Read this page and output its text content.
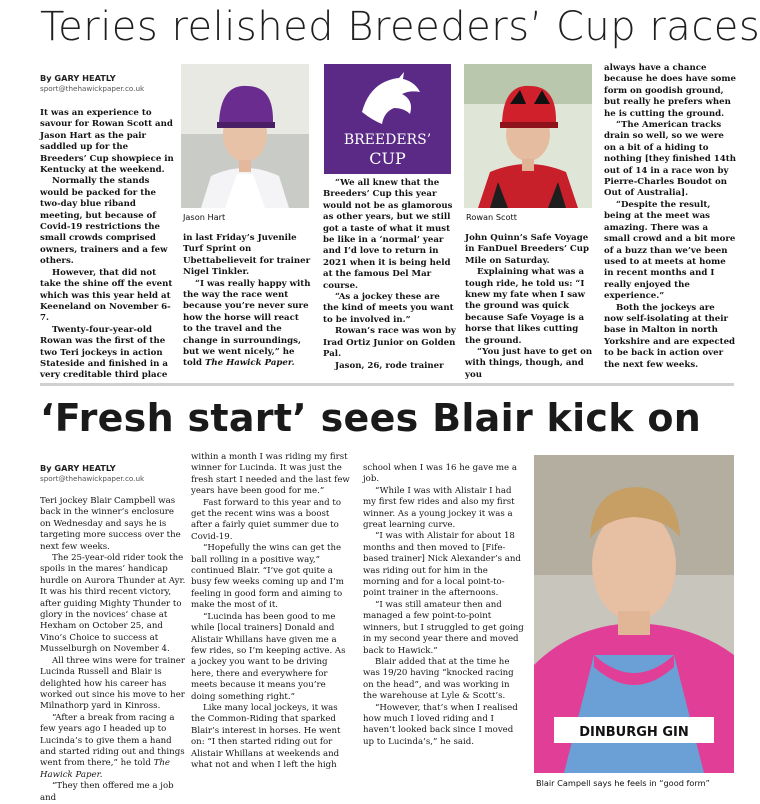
Teries relished Breeders’ Cup races
By GARY HEATLY
sport@thehawickpaper.co.uk

It was an experience to savour for Rowan Scott and Jason Hart as the pair saddled up for the Breeders’ Cup showpiece in Kentucky at the weekend.

Normally the stands would be packed for the two-day blue riband meeting, but because of Covid-19 restrictions the small crowds comprised owners, trainers and a few others.

However, that did not take the shine off the event which was this year held at Keeneland on November 6-7.

Twenty-four-year-old Rowan was the first of the two Teri jockeys in action Stateside and finished in a very creditable third place

Jason Hart

in last Friday’s Juvenile Turf Sprint on Ubettabelieveit for trainer Nigel Tinkler.

“I was really happy with the way the race went because you’re never sure how the horse will react to the travel and the change in surroundings, but we went nicely,” he told The Hawick Paper.

BREEDERS’
CUP

“We all knew that the Breeders’ Cup this year would not be as glamorous as other years, but we still got a taste of what it must be like in a ‘normal’ year and I’d love to return in 2021 when it is being held at the famous Del Mar course.

“As a jockey these are the kind of meets you want to be involved in.”

Rowan’s race was won by Irad Ortiz Junior on Golden Pal.

Jason, 26, rode trainer

Rowan Scott

John Quinn’s Safe Voyage in FanDuel Breeders’ Cup Mile on Saturday.

Explaining what was a tough ride, he told us: “I knew my fate when I saw the ground was quick because Safe Voyage is a horse that likes cutting the ground.

“You just have to get on with things, though, and you

always have a chance because he does have some form on goodish ground, but really he prefers when he is cutting the ground.

“The American tracks drain so well, so we were on a bit of a hiding to nothing [they finished 14th out of 14 in a race won by Pierre-Charles Boudot on Out of Australia].

“Despite the result, being at the meet was amazing. There was a small crowd and a bit more of a buzz than we’ve been used to at meets at home in recent months and I really enjoyed the experience.”

Both the jockeys are now self-isolating at their base in Malton in north Yorkshire and are expected to be back in action over the next few weeks.

‘Fresh start’ sees Blair kick on
By GARY HEATLY
sport@thehawickpaper.co.uk

Teri jockey Blair Campbell was back in the winner’s enclosure on Wednesday and says he is targeting more success over the next few weeks.

The 25-year-old rider took the spoils in the mares’ handicap hurdle on Aurora Thunder at Ayr. It was his third recent victory, after guiding Mighty Thunder to glory in the novices’ chase at Hexham on October 25, and Vino’s Choice to success at Musselburgh on November 4.

All three wins were for trainer Lucinda Russell and Blair is delighted how his career has worked out since his move to her Milnathorp yard in Kinross.

“After a break from racing a few years ago I headed up to Lucinda’s to give them a hand and started riding out and things went from there,” he told The Hawick Paper.

“They then offered me a job and

within a month I was riding my first winner for Lucinda. It was just the fresh start I needed and the last few years have been good for me.”

Fast forward to this year and to get the recent wins was a boost after a fairly quiet summer due to Covid-19.

“Hopefully the wins can get the ball rolling in a positive way,” continued Blair. “I’ve got quite a busy few weeks coming up and I’m feeling in good form and aiming to make the most of it.

“Lucinda has been good to me while [local trainers] Donald and Alistair Whillans have given me a few rides, so I’m keeping active. As a jockey you want to be driving here, there and everywhere for meets because it means you’re doing something right.”

Like many local jockeys, it was the Common-Riding that sparked Blair’s interest in horses. He went on: “I then started riding out for Alistair Whillans at weekends and what not and when I left the high

school when I was 16 he gave me a job.

“While I was with Alistair I had my first few rides and also my first winner. As a young jockey it was a great learning curve.

“I was with Alistair for about 18 months and then moved to [Fife-based trainer] Nick Alexander’s and was riding out for him in the morning and for a local point-to-point trainer in the afternoons.

“I was still amateur then and managed a few point-to-point winners, but I struggled to get going in my second year there and moved back to Hawick.”

Blair added that at the time he was 19/20 having “knocked racing on the head”, and was working in the warehouse at Lyle & Scott’s.

“However, that’s when I realised how much I loved riding and I haven’t looked back since I moved up to Lucinda’s,” he said.

DINBURGH GIN
Blair Campell says he feels in “good form”
